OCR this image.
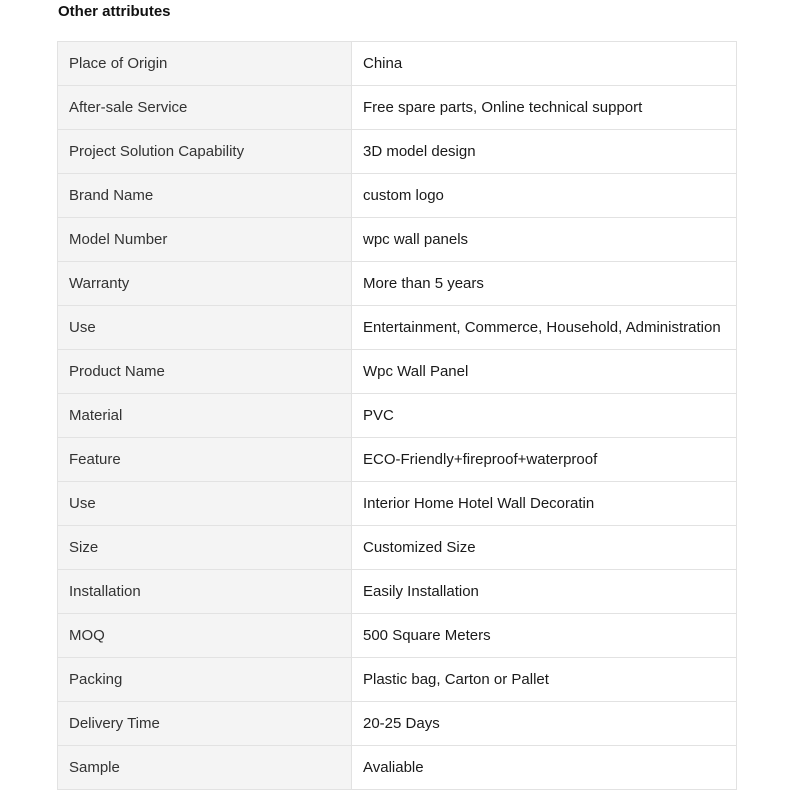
Other attributes
Place of Origin	China
After-sale Service	Free spare parts, Online technical support
Project Solution Capability	3D model design
Brand Name	custom logo
Model Number	wpc wall panels
Warranty	More than 5 years
Use	Entertainment, Commerce, Household, Administration
Product Name	Wpc Wall Panel
Material	PVC
Feature	ECO-Friendly+fireproof+waterproof
Use	Interior Home Hotel Wall Decoratin
Size	Customized Size
Installation	Easily Installation
MOQ	500 Square Meters
Packing	Plastic bag, Carton or Pallet
Delivery Time	20-25 Days
Sample	Avaliable
